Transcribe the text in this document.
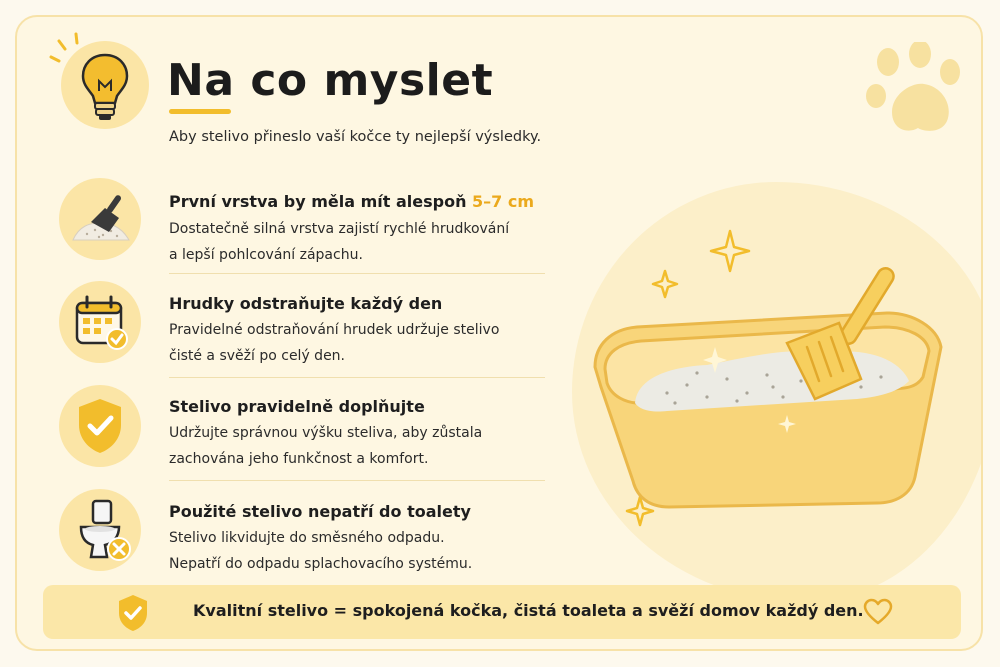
Na co myslet
Aby stelivo přineslo vaší kočce ty nejlepší výsledky.
První vrstva by měla mít alespoň 5–7 cm
Dostatečně silná vrstva zajistí rychlé hrudkování
a lepší pohlcování zápachu.
Hrudky odstraňujte každý den
Pravidelné odstraňování hrudek udržuje stelivo
čisté a svěží po celý den.
Stelivo pravidelně doplňujte
Udržujte správnou výšku steliva, aby zůstala
zachována jeho funkčnost a komfort.
Použité stelivo nepatří do toalety
Stelivo likvidujte do směsného odpadu.
Nepatří do odpadu splachovacího systému.
Kvalitní stelivo = spokojená kočka, čistá toaleta a svěží domov každý den.
